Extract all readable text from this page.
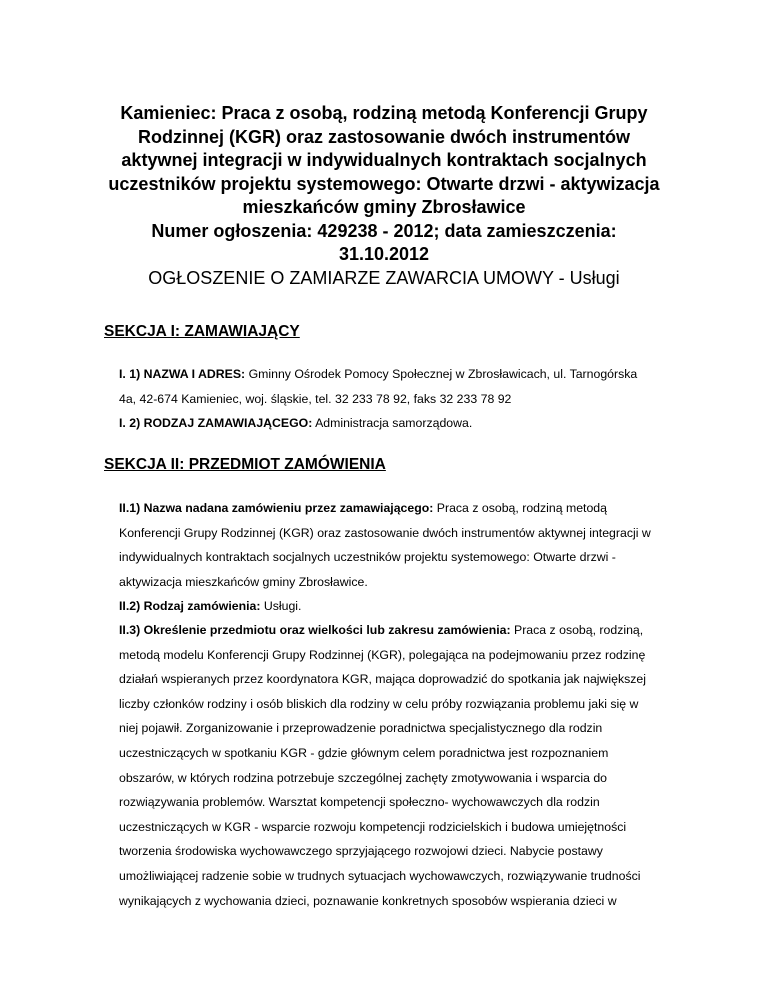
Kamieniec: Praca z osobą, rodziną metodą Konferencji Grupy
Rodzinnej (KGR) oraz zastosowanie dwóch instrumentów
aktywnej integracji w indywidualnych kontraktach socjalnych
uczestników projektu systemowego: Otwarte drzwi - aktywizacja
mieszkańców gminy Zbrosławice
Numer ogłoszenia: 429238 - 2012; data zamieszczenia:
31.10.2012
OGŁOSZENIE O ZAMIARZE ZAWARCIA UMOWY - Usługi
SEKCJA I: ZAMAWIAJĄCY
I. 1) NAZWA I ADRES: Gminny Ośrodek Pomocy Społecznej w Zbrosławicach, ul. Tarnogórska
4a, 42-674 Kamieniec, woj. śląskie, tel. 32 233 78 92, faks 32 233 78 92
I. 2) RODZAJ ZAMAWIAJĄCEGO: Administracja samorządowa.
SEKCJA II: PRZEDMIOT ZAMÓWIENIA
II.1) Nazwa nadana zamówieniu przez zamawiającego: Praca z osobą, rodziną metodą
Konferencji Grupy Rodzinnej (KGR) oraz zastosowanie dwóch instrumentów aktywnej integracji w
indywidualnych kontraktach socjalnych uczestników projektu systemowego: Otwarte drzwi -
aktywizacja mieszkańców gminy Zbrosławice.
II.2) Rodzaj zamówienia: Usługi.
II.3) Określenie przedmiotu oraz wielkości lub zakresu zamówienia: Praca z osobą, rodziną,
metodą modelu Konferencji Grupy Rodzinnej (KGR), polegająca na podejmowaniu przez rodzinę
działań wspieranych przez koordynatora KGR, mająca doprowadzić do spotkania jak największej
liczby członków rodziny i osób bliskich dla rodziny w celu próby rozwiązania problemu jaki się w
niej pojawił. Zorganizowanie i przeprowadzenie poradnictwa specjalistycznego dla rodzin
uczestniczących w spotkaniu KGR - gdzie głównym celem poradnictwa jest rozpoznaniem
obszarów, w których rodzina potrzebuje szczególnej zachęty zmotywowania i wsparcia do
rozwiązywania problemów. Warsztat kompetencji społeczno- wychowawczych dla rodzin
uczestniczących w KGR - wsparcie rozwoju kompetencji rodzicielskich i budowa umiejętności
tworzenia środowiska wychowawczego sprzyjającego rozwojowi dzieci. Nabycie postawy
umożliwiającej radzenie sobie w trudnych sytuacjach wychowawczych, rozwiązywanie trudności
wynikających z wychowania dzieci, poznawanie konkretnych sposobów wspierania dzieci w
